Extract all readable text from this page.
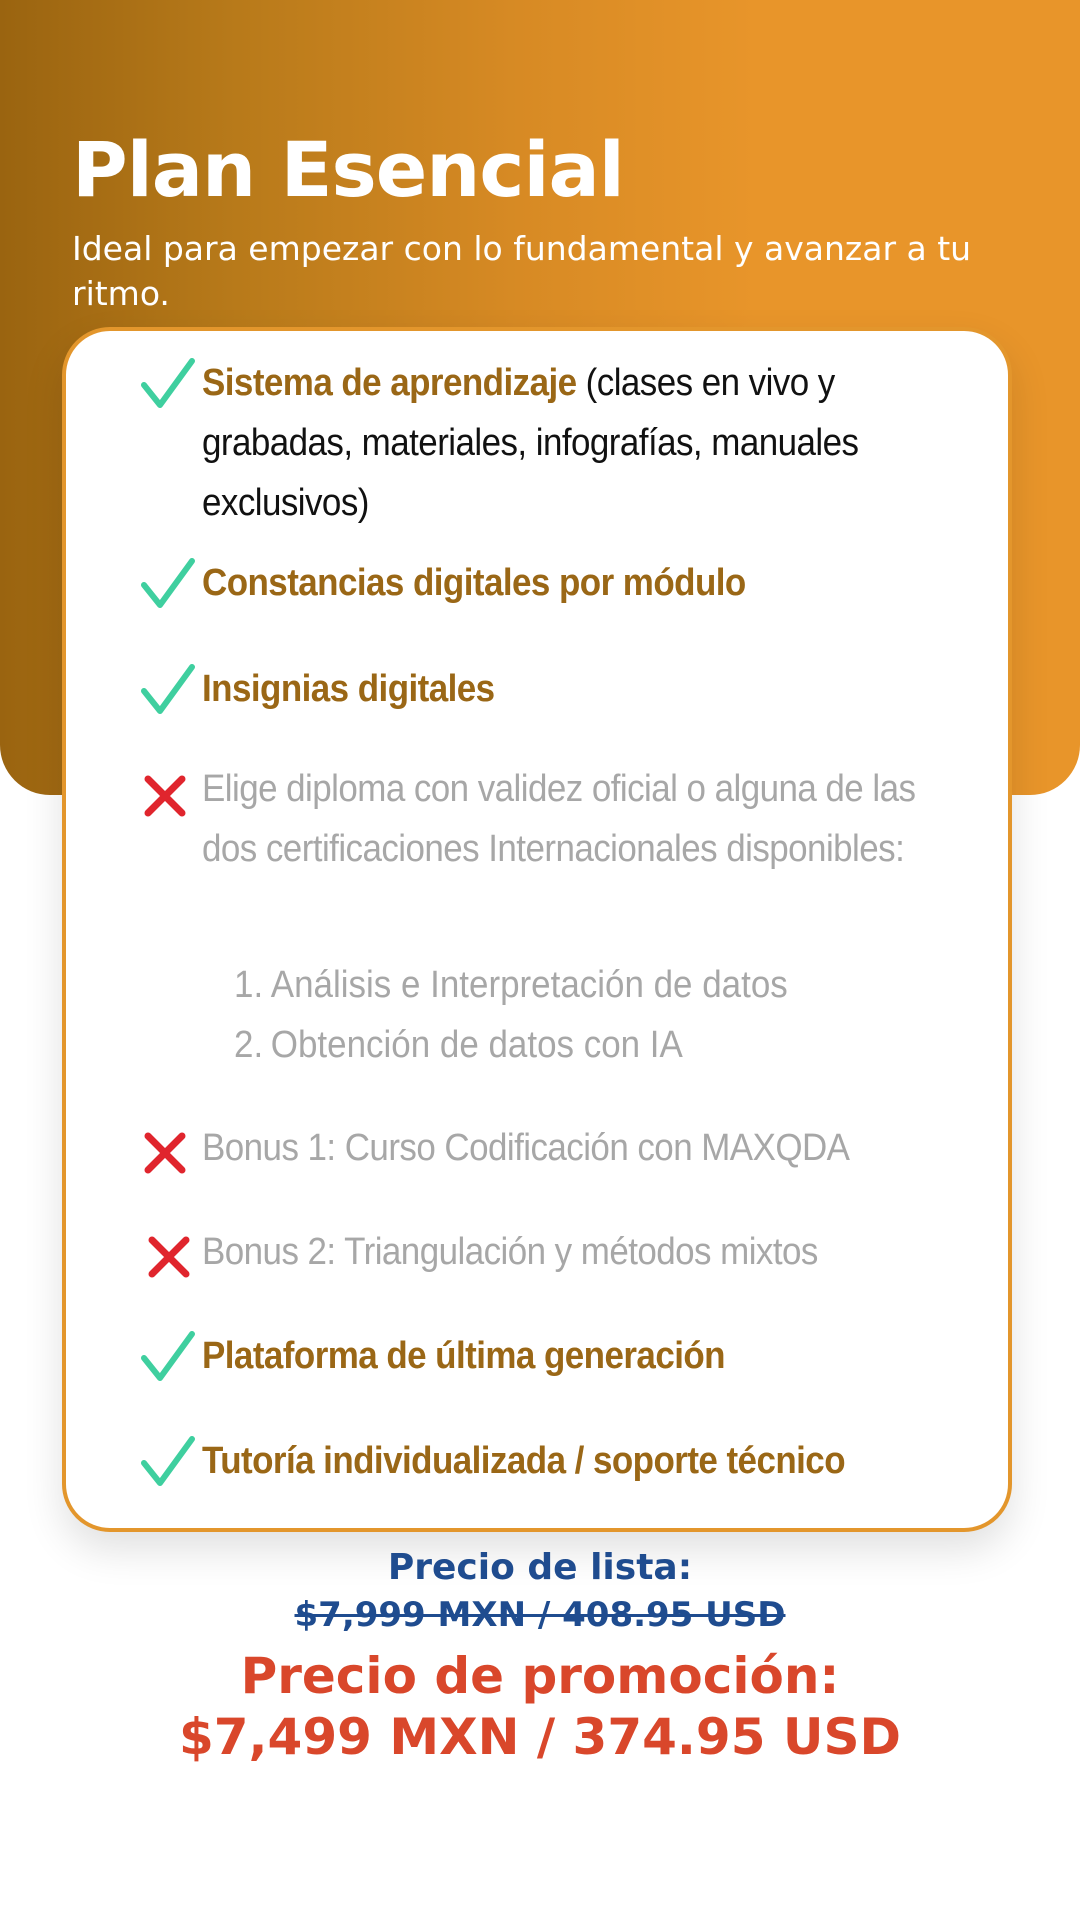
Plan Esencial

Ideal para empezar con lo fundamental y avanzar a tu ritmo.

Sistema de aprendizaje (clases en vivo y grabadas, materiales, infografías, manuales exclusivos)

Constancias digitales por módulo

Insignias digitales

Elige diploma con validez oficial o alguna de las dos certificaciones Internacionales disponibles:

1. Análisis e Interpretación de datos
2. Obtención de datos con IA

Bonus 1: Curso Codificación con MAXQDA

Bonus 2: Triangulación y métodos mixtos

Plataforma de última generación

Tutoría individualizada / soporte técnico

Precio de lista:
$7,999 MXN / 408.95 USD
Precio de promoción:
$7,499 MXN / 374.95 USD
